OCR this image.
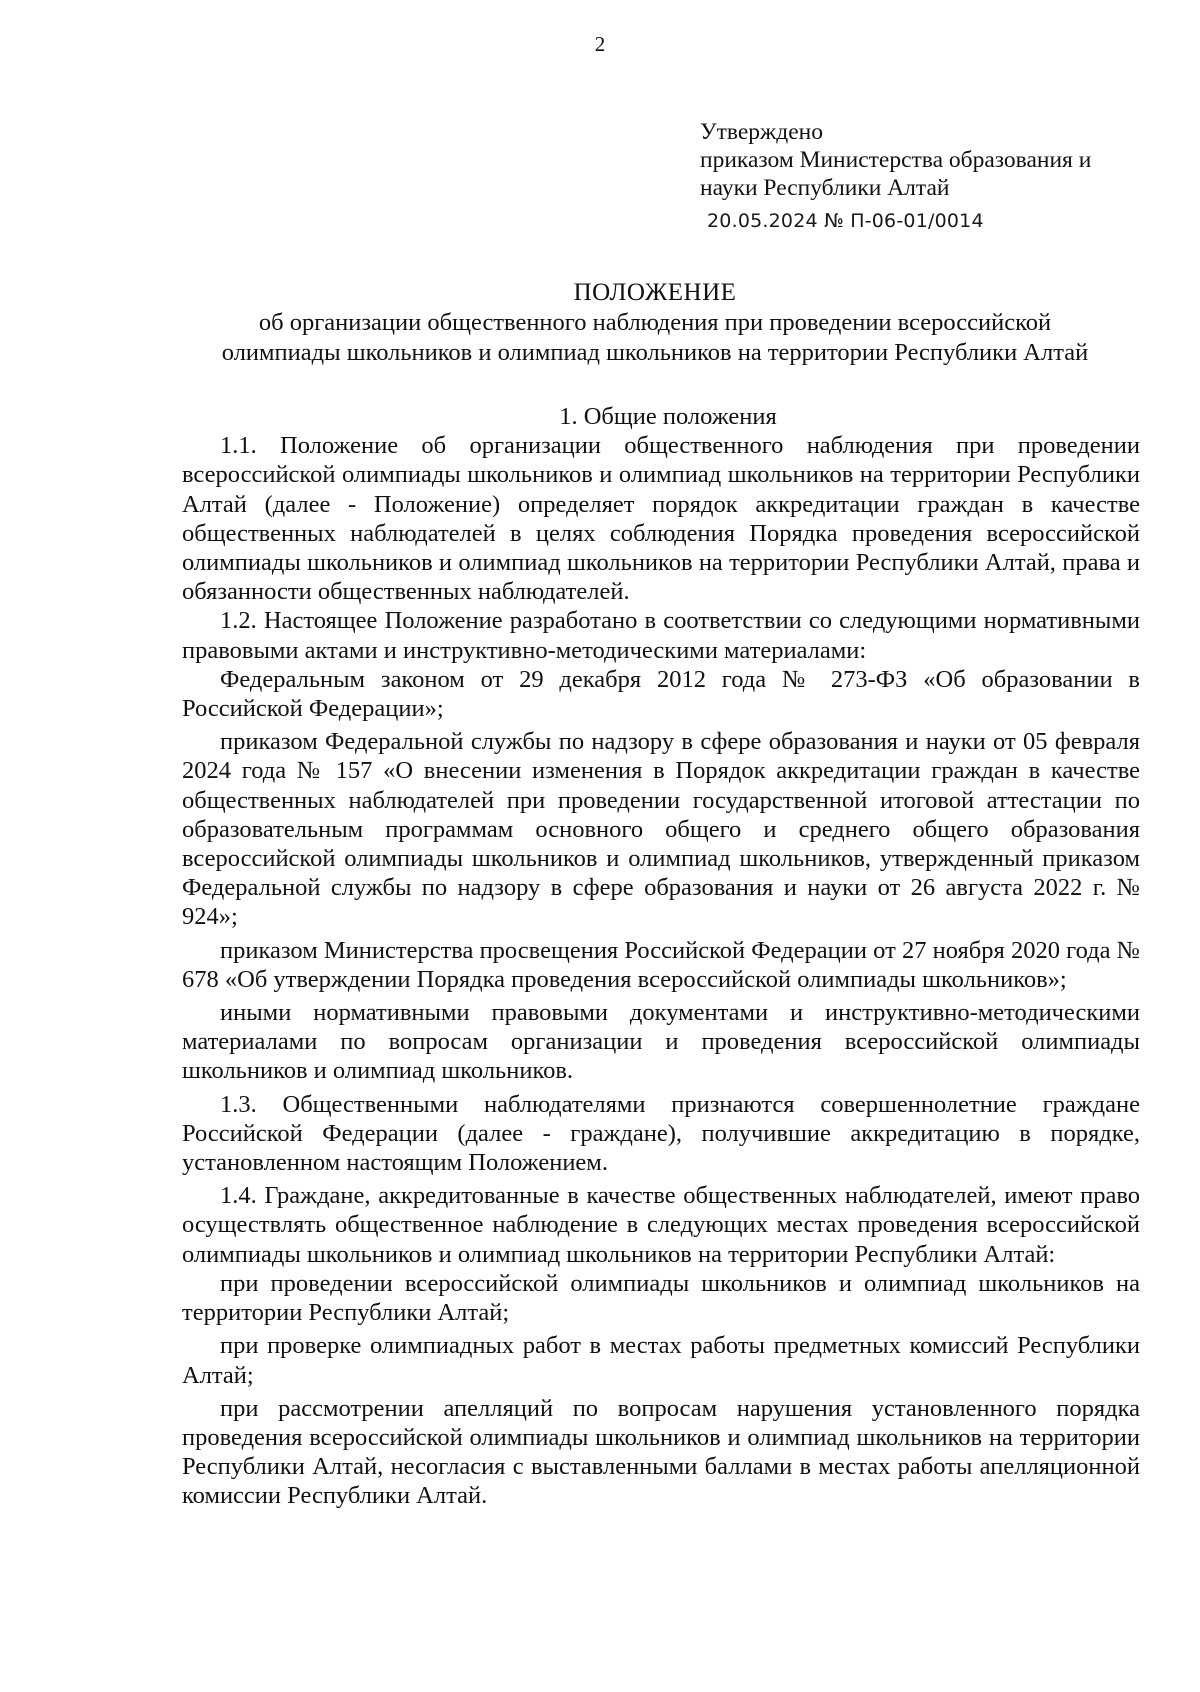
2
Утверждено
приказом Министерства образования и
науки Республики Алтай
20.05.2024 № П-06-01/0014
ПОЛОЖЕНИЕ
об организации общественного наблюдения при проведении всероссийской
олимпиады школьников и олимпиад школьников на территории Республики Алтай
1. Общие положения

1.1. Положение об организации общественного наблюдения при проведении всероссийской олимпиады школьников и олимпиад школьников на территории Республики Алтай (далее - Положение) определяет порядок аккредитации граждан в качестве общественных наблюдателей в целях соблюдения Порядка проведения всероссийской олимпиады школьников и олимпиад школьников на территории Республики Алтай, права и обязанности общественных наблюдателей.

1.2. Настоящее Положение разработано в соответствии со следующими нормативными правовыми актами и инструктивно-методическими материалами:

Федеральным законом от 29 декабря 2012 года № 273-ФЗ «Об образовании в Российской Федерации»;

приказом Федеральной службы по надзору в сфере образования и науки от 05 февраля 2024 года № 157 «О внесении изменения в Порядок аккредитации граждан в качестве общественных наблюдателей при проведении государственной итоговой аттестации по образовательным программам основного общего и среднего общего образования всероссийской олимпиады школьников и олимпиад школьников, утвержденный приказом Федеральной службы по надзору в сфере образования и науки от 26 августа 2022 г. № 924»;

приказом Министерства просвещения Российской Федерации от 27 ноября 2020 года № 678 «Об утверждении Порядка проведения всероссийской олимпиады школьников»;

иными нормативными правовыми документами и инструктивно-методическими материалами по вопросам организации и проведения всероссийской олимпиады школьников и олимпиад школьников.

1.3. Общественными наблюдателями признаются совершеннолетние граждане Российской Федерации (далее - граждане), получившие аккредитацию в порядке, установленном настоящим Положением.

1.4. Граждане, аккредитованные в качестве общественных наблюдателей, имеют право осуществлять общественное наблюдение в следующих местах проведения всероссийской олимпиады школьников и олимпиад школьников на территории Республики Алтай:

при проведении всероссийской олимпиады школьников и олимпиад школьников на территории Республики Алтай;

при проверке олимпиадных работ в местах работы предметных комиссий Республики Алтай;

при рассмотрении апелляций по вопросам нарушения установленного порядка проведения всероссийской олимпиады школьников и олимпиад школьников на территории Республики Алтай, несогласия с выставленными баллами в местах работы апелляционной комиссии Республики Алтай.
